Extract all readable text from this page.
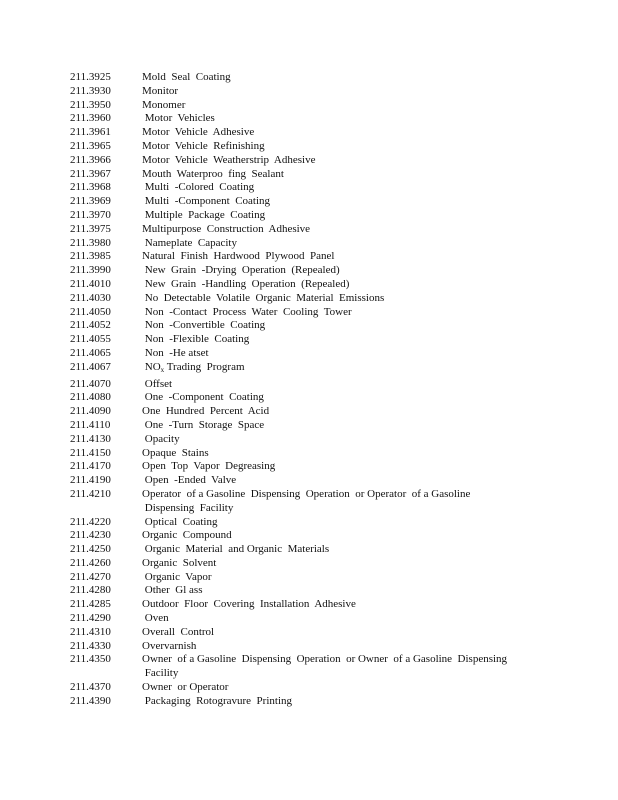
211.3925	Mold  Seal  Coating
211.3930	Monitor
211.3950	Monomer
211.3960	Motor  Vehicles
211.3961	Motor  Vehicle  Adhesive
211.3965	Motor  Vehicle  Refinishing
211.3966	Motor  Vehicle  Weatherstrip  Adhesive
211.3967	Mouth  Waterproo  fing  Sealant
211.3968	Multi  -Colored  Coating
211.3969	Multi  -Component  Coating
211.3970	Multiple  Package  Coating
211.3975	Multipurpose  Construction  Adhesive
211.3980	Nameplate  Capacity
211.3985	Natural  Finish  Hardwood  Plywood  Panel
211.3990	New  Grain  -Drying  Operation  (Repealed)
211.4010	New  Grain  -Handling  Operation  (Repealed)
211.4030	No  Detectable  Volatile  Organic  Material  Emissions
211.4050	Non  -Contact  Process  Water  Cooling  Tower
211.4052	Non  -Convertible  Coating
211.4055	Non  -Flexible  Coating
211.4065	Non  -He atset
211.4067	$NO_x$ Trading  Program
211.4070	Offset
211.4080	One  -Component  Coating
211.4090	One  Hundred  Percent  Acid
211.4110	One  -Turn  Storage  Space
211.4130	Opacity
211.4150	Opaque  Stains
211.4170	Open  Top  Vapor  Degreasing
211.4190	Open  -Ended  Valve
211.4210	Operator  of a Gasoline  Dispensing  Operation  or Operator  of a Gasoline
Dispensing  Facility
211.4220	Optical  Coating
211.4230	Organic  Compound
211.4250	Organic  Material  and Organic  Materials
211.4260	Organic  Solvent
211.4270	Organic  Vapor
211.4280	Other  Gl ass
211.4285	Outdoor  Floor  Covering  Installation  Adhesive
211.4290	Oven
211.4310	Overall  Control
211.4330	Overvarnish
211.4350	Owner  of a Gasoline  Dispensing  Operation  or Owner  of a Gasoline  Dispensing
Facility
211.4370	Owner  or Operator
211.4390	Packaging  Rotogravure  Printing
